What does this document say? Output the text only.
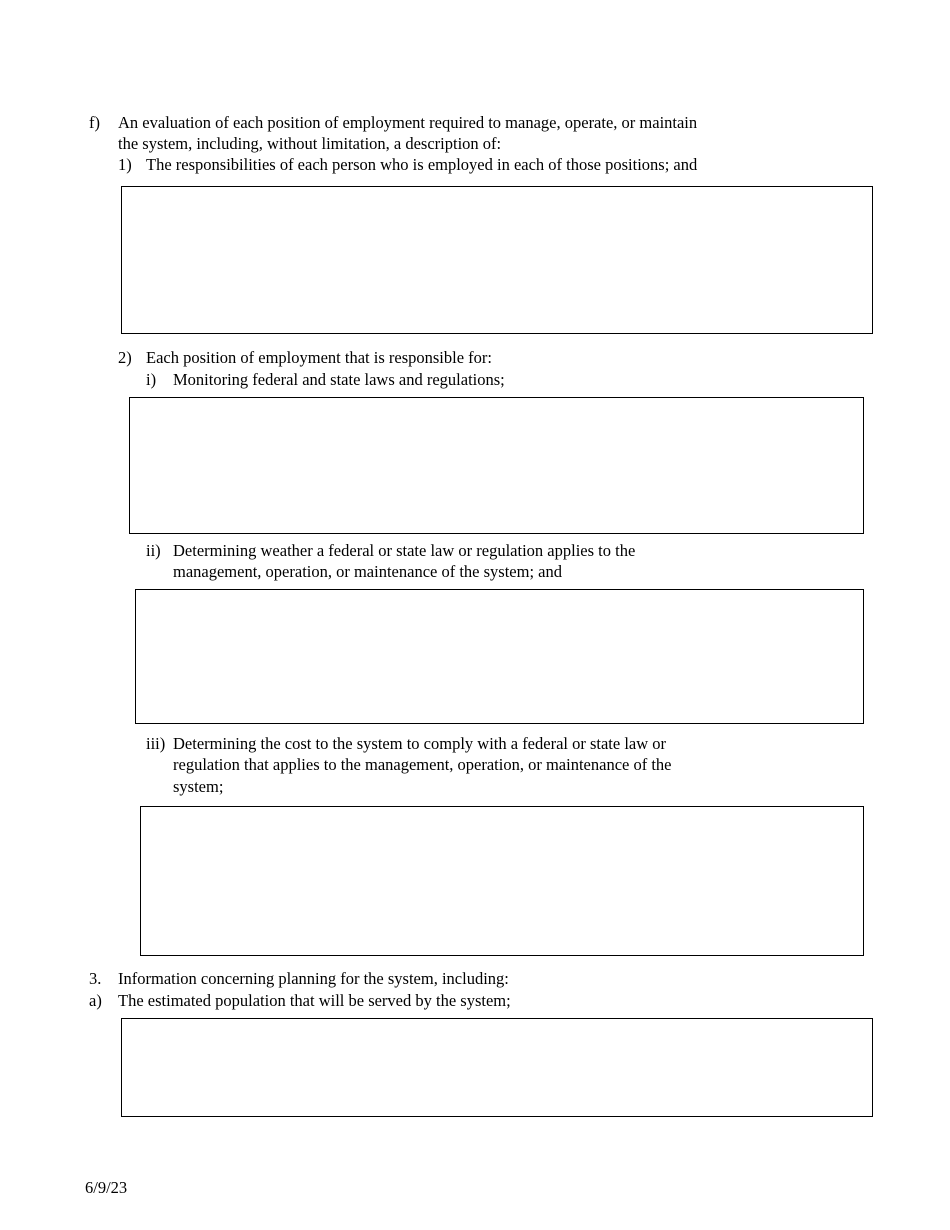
f) An evaluation of each position of employment required to manage, operate, or maintain
the system, including, without limitation, a description of:
1) The responsibilities of each person who is employed in each of those positions; and
2) Each position of employment that is responsible for:
i) Monitoring federal and state laws and regulations;
ii) Determining weather a federal or state law or regulation applies to the
management, operation, or maintenance of the system; and
iii) Determining the cost to the system to comply with a federal or state law or
regulation that applies to the management, operation, or maintenance of the
system;
3. Information concerning planning for the system, including:
a) The estimated population that will be served by the system;
6/9/23
